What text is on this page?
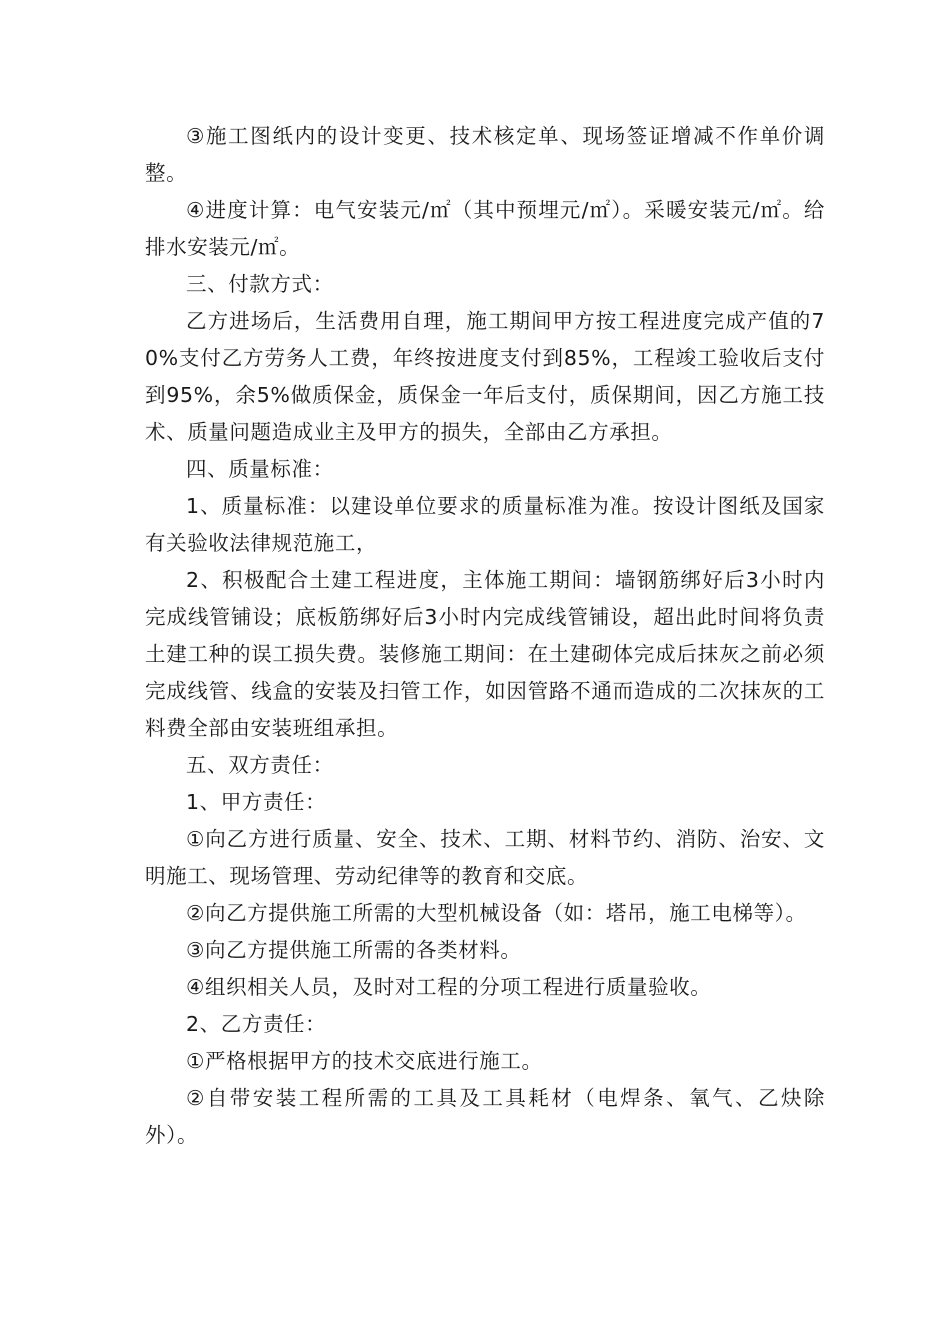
③施工图纸内的设计变更、技术核定单、现场签证增减不作单价调整。

④进度计算：电气安装元/㎡（其中预埋元/㎡）。采暖安装元/㎡。给排水安装元/㎡。

三、付款方式：

乙方进场后，生活费用自理，施工期间甲方按工程进度完成产值的70%支付乙方劳务人工费，年终按进度支付到85%，工程竣工验收后支付到95%，余5%做质保金，质保金一年后支付，质保期间，因乙方施工技术、质量问题造成业主及甲方的损失，全部由乙方承担。

四、质量标准：

1、质量标准：以建设单位要求的质量标准为准。按设计图纸及国家有关验收法律规范施工，

2、积极配合土建工程进度，主体施工期间：墙钢筋绑好后3小时内完成线管铺设；底板筋绑好后3小时内完成线管铺设，超出此时间将负责土建工种的误工损失费。装修施工期间：在土建砌体完成后抹灰之前必须完成线管、线盒的安装及扫管工作，如因管路不通而造成的二次抹灰的工料费全部由安装班组承担。

五、双方责任：

1、甲方责任：

①向乙方进行质量、安全、技术、工期、材料节约、消防、治安、文明施工、现场管理、劳动纪律等的教育和交底。

②向乙方提供施工所需的大型机械设备（如：塔吊，施工电梯等）。

③向乙方提供施工所需的各类材料。

④组织相关人员，及时对工程的分项工程进行质量验收。

2、乙方责任：

①严格根据甲方的技术交底进行施工。

②自带安装工程所需的工具及工具耗材（电焊条、氧气、乙炔除外）。
